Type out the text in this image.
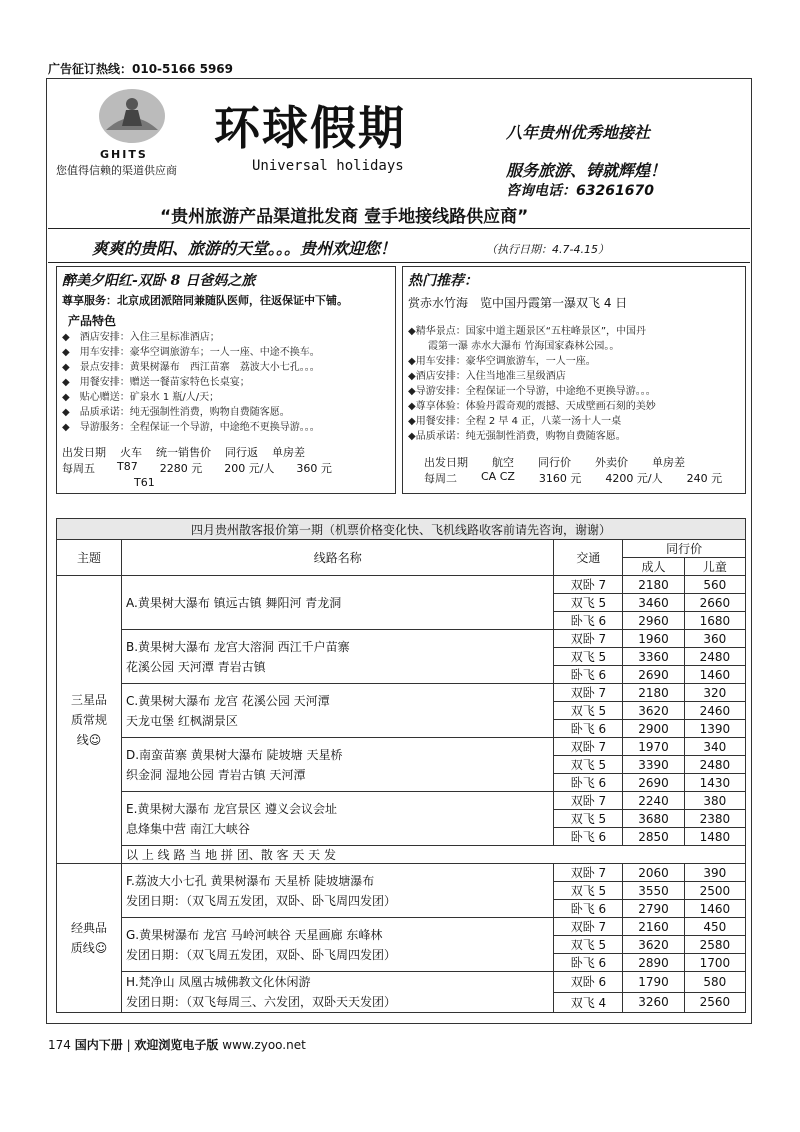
广告征订热线：010-5166 5969
GHITS
您值得信赖的渠道供应商
环球假期
Universal holidays
八年贵州优秀地接社
服务旅游、铸就辉煌！
咨询电话：63261670
“贵州旅游产品渠道批发商 壹手地接线路供应商”
爽爽的贵阳、旅游的天堂。。。贵州欢迎您！	（执行日期：4.7-4.15）
醉美夕阳红-双卧 8 日爸妈之旅
尊享服务：北京成团派陪同兼随队医师，往返保证中下铺。
产品特色
◆　酒店安排：入住三星标准酒店；
◆　用车安排：豪华空调旅游车；一人一座、中途不换车。
◆　景点安排：黄果树瀑布　西江苗寨　荔波大小七孔。。。
◆　用餐安排：赠送一餐苗家特色长桌宴；
◆　贴心赠送：矿泉水 1 瓶/人/天；
◆　品质承诺：纯无强制性消费，购物自费随客愿。
◆　导游服务：全程保证一个导游，中途绝不更换导游。。。
出发日期 火车 统一销售价 同行返 单房差
每周五 T87 2280 元 200 元/人 360 元
T61
热门推荐：
赏赤水竹海　览中国丹霞第一瀑双飞 4 日
◆精华景点：国家中道主题景区“五柱峰景区”，中国丹
　　霞第一瀑 赤水大瀑布 竹海国家森林公园。。
◆用车安排：豪华空调旅游车，一人一座。
◆酒店安排：入住当地准三星级酒店
◆导游安排：全程保证一个导游，中途绝不更换导游。。。
◆尊享体验：体验丹霞奇观的震撼、天成壁画石刻的美妙
◆用餐安排：全程 2 早 4 正，八菜一汤十人一桌
◆品质承诺：纯无强制性消费，购物自费随客愿。
出发日期 航空 同行价 外卖价 单房差
每周二 CA CZ 3160 元 4200 元/人 240 元
四月贵州散客报价第一期（机票价格变化快、飞机线路收客前请先咨询，谢谢）				
主题	线路名称	交通	同行价	
			成人	儿童
三星品质常规线☺	A.黄果树大瀑布 镇远古镇 舞阳河 青龙洞	双卧 7	2180	560
		双飞 5	3460	2660
		卧飞 6	2960	1680

	B.黄果树大瀑布 龙宫大溶洞 西江千户苗寨
花溪公园 天河潭 青岩古镇	双卧 7	1960	360
		双飞 5	3360	2480
		卧飞 6	2690	1460

	C.黄果树大瀑布 龙宫 花溪公园 天河潭
天龙屯堡 红枫湖景区	双卧 7	2180	320
		双飞 5	3620	2460
		卧飞 6	2900	1390

	D.南蛮苗寨 黄果树大瀑布 陡坡塘 天星桥
织金洞 湿地公园 青岩古镇 天河潭	双卧 7	1970	340
		双飞 5	3390	2480
		卧飞 6	2690	1430

	E.黄果树大瀑布 龙宫景区 遵义会议会址
息烽集中营 南江大峡谷	双卧 7	2240	380
		双飞 5	3680	2380
		卧飞 6	2850	1480
	以 上 线 路 当 地 拼 团、散 客 天 天 发			
经典品质线☺	F.荔波大小七孔 黄果树瀑布 天星桥 陡坡塘瀑布
发团日期：（双飞周五发团，双卧、卧飞周四发团）	双卧 7	2060	390
		双飞 5	3550	2500
		卧飞 6	2790	1460

	G.黄果树瀑布 龙宫 马岭河峡谷 天星画廊 东峰林
发团日期：（双飞周五发团，双卧、卧飞周四发团）	双卧 7	2160	450
		双飞 5	3620	2580
		卧飞 6	2890	1700

	H.梵净山 凤凰古城佛教文化休闲游
发团日期：（双飞每周三、六发团，双卧天天发团）	双卧 6	1790	580
		双飞 4	3260	2560
174 国内下册 | 欢迎浏览电子版 www.zyoo.net
